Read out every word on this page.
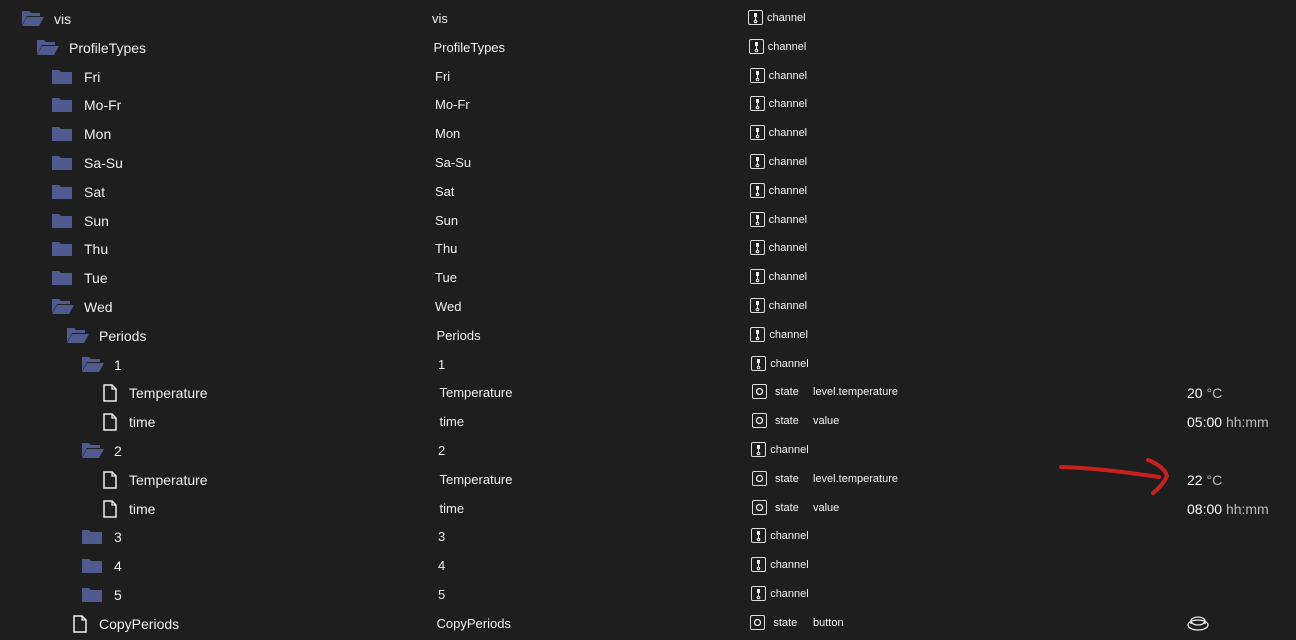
vis	vis	channel
ProfileTypes	ProfileTypes	channel
Fri	Fri	channel
Mo-Fr	Mo-Fr	channel
Mon	Mon	channel
Sa-Su	Sa-Su	channel
Sat	Sat	channel
Sun	Sun	channel
Thu	Thu	channel
Tue	Tue	channel
Wed	Wed	channel
Periods	Periods	channel
1	1	channel
Temperature	Temperature	state level.temperature	20 °C
time	time	state value	05:00 hh:mm
2	2	channel
Temperature	Temperature	state level.temperature	22 °C
time	time	state value	08:00 hh:mm
3	3	channel
4	4	channel
5	5	channel
CopyPeriods	CopyPeriods	state button
